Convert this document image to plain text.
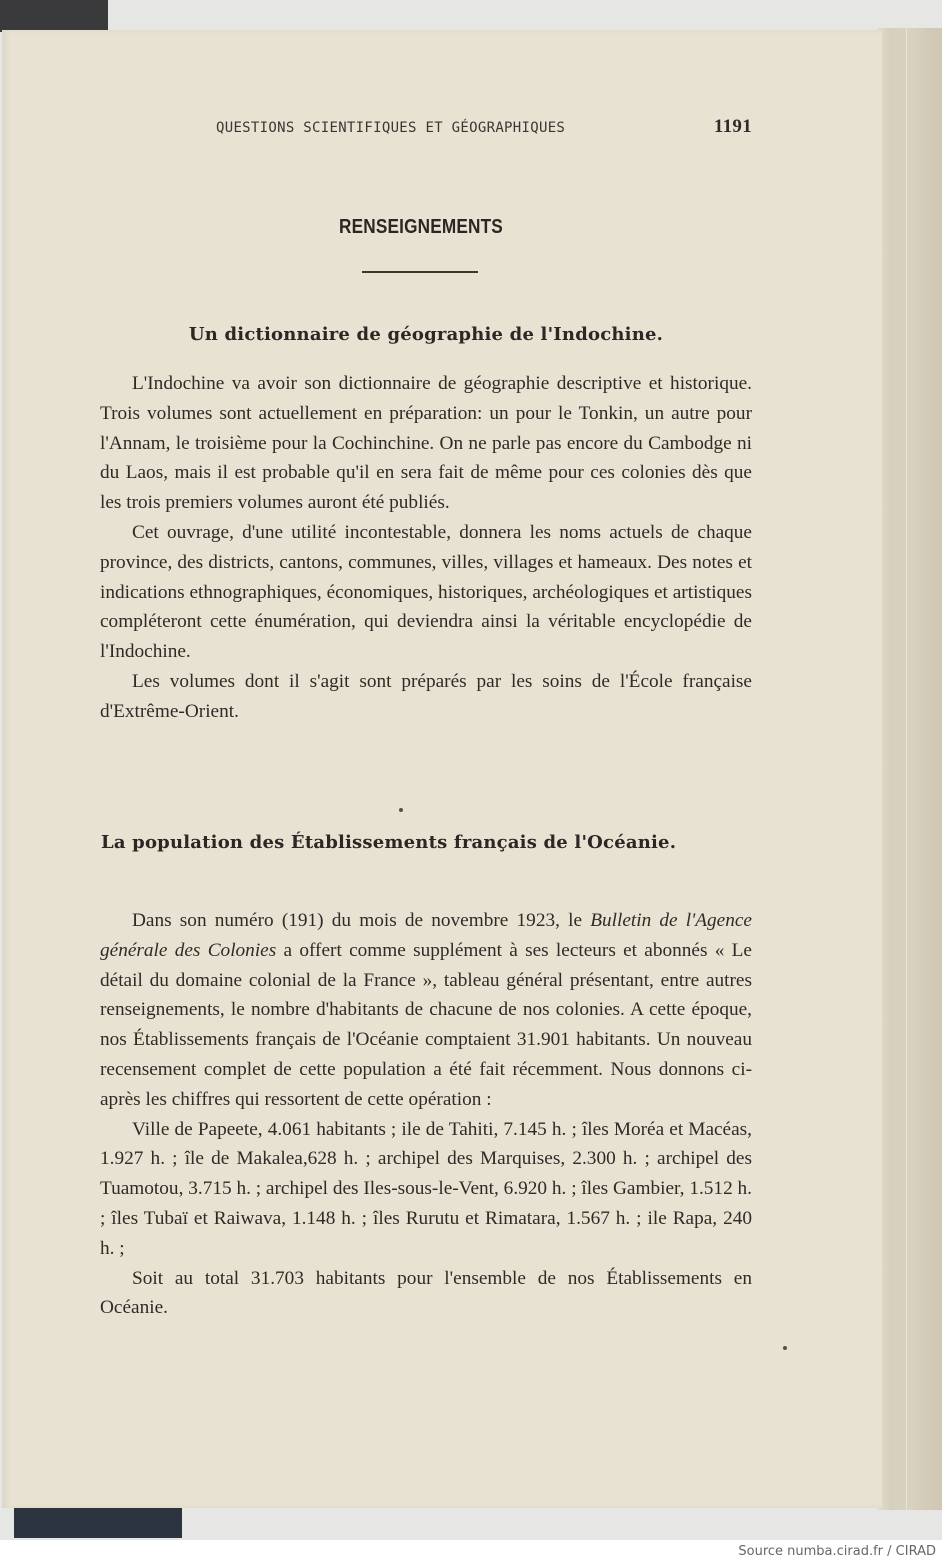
QUESTIONS SCIENTIFIQUES ET GÉOGRAPHIQUES	1191
RENSEIGNEMENTS
Un dictionnaire de géographie de l'Indochine.

L'Indochine va avoir son dictionnaire de géographie descriptive et historique. Trois volumes sont actuellement en préparation: un pour le Tonkin, un autre pour l'Annam, le troisième pour la Cochinchine. On ne parle pas encore du Cambodge ni du Laos, mais il est probable qu'il en sera fait de même pour ces colonies dès que les trois premiers volumes auront été publiés.

Cet ouvrage, d'une utilité incontestable, donnera les noms actuels de chaque province, des districts, cantons, communes, villes, villages et hameaux. Des notes et indications ethnographiques, économiques, historiques, archéologiques et artistiques compléteront cette énumération, qui deviendra ainsi la véritable encyclopédie de l'Indochine.

Les volumes dont il s'agit sont préparés par les soins de l'École française d'Extrême-Orient.

La population des Établissements français de l'Océanie.

Dans son numéro (191) du mois de novembre 1923, le Bulletin de l'Agence générale des Colonies a offert comme supplément à ses lecteurs et abonnés « Le détail du domaine colonial de la France », tableau général présentant, entre autres renseignements, le nombre d'habitants de chacune de nos colonies. A cette époque, nos Établissements français de l'Océanie comptaient 31.901 habitants. Un nouveau recensement complet de cette population a été fait récemment. Nous donnons ci-après les chiffres qui ressortent de cette opération :

Ville de Papeete, 4.061 habitants ; ile de Tahiti, 7.145 h. ; îles Moréa et Macéas, 1.927 h. ; île de Makalea,628 h. ; archipel des Marquises, 2.300 h. ; archipel des Tuamotou, 3.715 h. ; archipel des Iles-sous-le-Vent, 6.920 h. ; îles Gambier, 1.512 h. ; îles Tubaï et Raiwava, 1.148 h. ; îles Rurutu et Rimatara, 1.567 h. ; ile Rapa, 240 h. ;

Soit au total 31.703 habitants pour l'ensemble de nos Établissements en Océanie.

Source numba.cirad.fr / CIRAD
